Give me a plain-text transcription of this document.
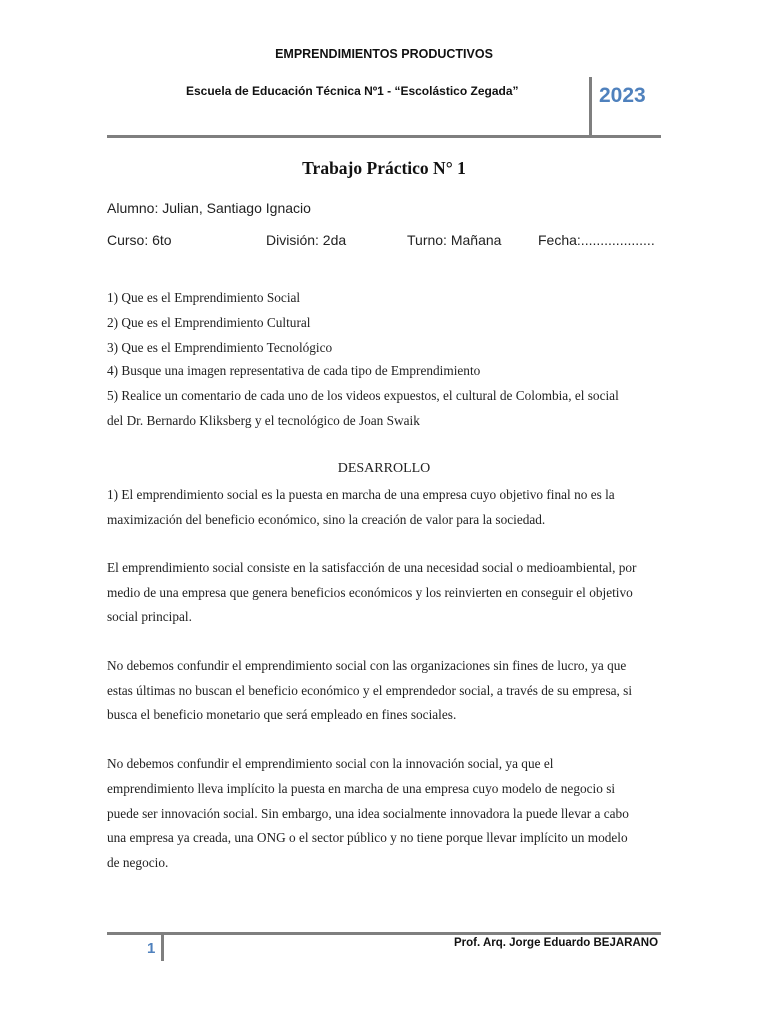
EMPRENDIMIENTOS PRODUCTIVOS
Escuela de Educación Técnica Nº1 - “Escolástico Zegada”	2023
Trabajo Práctico N° 1
Alumno: Julian, Santiago Ignacio
Curso: 6to	División: 2da	Turno: Mañana	Fecha:...................
1) Que es el Emprendimiento Social
2) Que es el Emprendimiento Cultural
3) Que es el Emprendimiento Tecnológico
4) Busque una imagen representativa de cada tipo de Emprendimiento
5) Realice un comentario de cada uno de los videos expuestos, el cultural de Colombia, el social
del Dr. Bernardo Kliksberg y el tecnológico de Joan Swaik
DESARROLLO
1) El emprendimiento social es la puesta en marcha de una empresa cuyo objetivo final no es la
maximización del beneficio económico, sino la creación de valor para la sociedad.
El emprendimiento social consiste en la satisfacción de una necesidad social o medioambiental, por
medio de una empresa que genera beneficios económicos y los reinvierten en conseguir el objetivo
social principal.
No debemos confundir el emprendimiento social con las organizaciones sin fines de lucro, ya que
estas últimas no buscan el beneficio económico y el emprendedor social, a través de su empresa, si
busca el beneficio monetario que será empleado en fines sociales.
No debemos confundir el emprendimiento social con la innovación social, ya que el
emprendimiento lleva implícito la puesta en marcha de una empresa cuyo modelo de negocio si
puede ser innovación social. Sin embargo, una idea socialmente innovadora la puede llevar a cabo
una empresa ya creada, una ONG o el sector público y no tiene porque llevar implícito un modelo
de negocio.
1	Prof. Arq. Jorge Eduardo BEJARANO
